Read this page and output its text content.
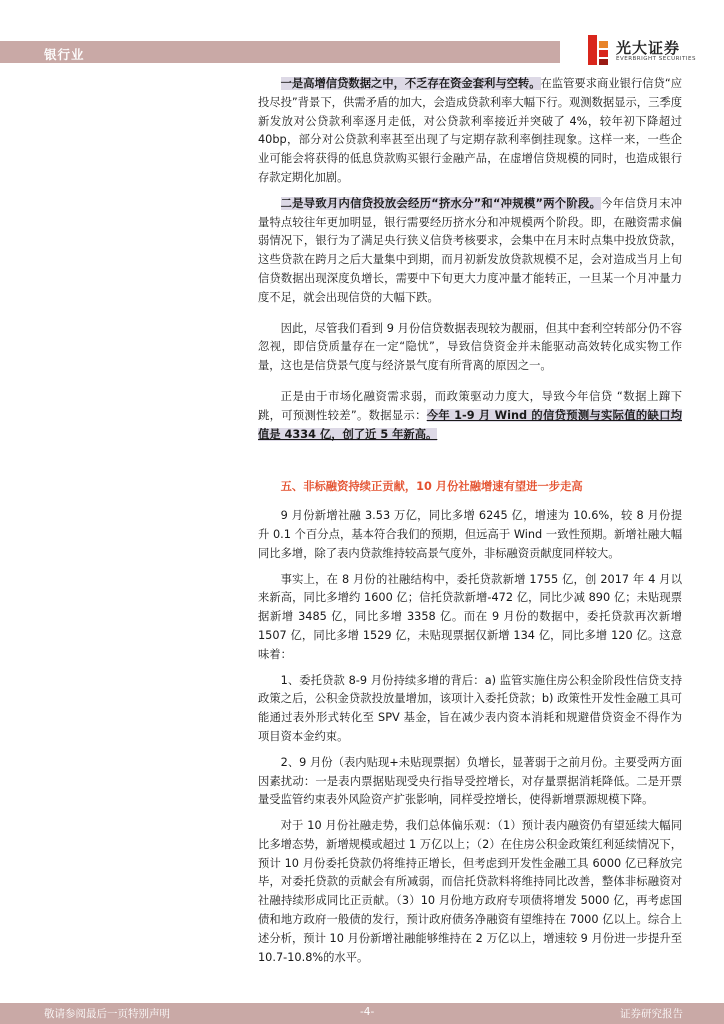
银行业	光大证券
EVERBRIGHT SECURITIES

一是高增信贷数据之中，不乏存在资金套利与空转。在监管要求商业银行信贷“应投尽投”背景下，供需矛盾的加大，会造成贷款利率大幅下行。观测数据显示，三季度新发放对公贷款利率逐月走低，对公贷款利率接近并突破了 4%，较年初下降超过 40bp，部分对公贷款利率甚至出现了与定期存款利率倒挂现象。这样一来，一些企业可能会将获得的低息贷款购买银行金融产品，在虚增信贷规模的同时，也造成银行存款定期化加剧。

二是导致月内信贷投放会经历“挤水分”和“冲规模”两个阶段。今年信贷月末冲量特点较往年更加明显，银行需要经历挤水分和冲规模两个阶段。即，在融资需求偏弱情况下，银行为了满足央行狭义信贷考核要求，会集中在月末时点集中投放贷款，这些贷款在跨月之后大量集中到期，而月初新发放贷款规模不足，会对造成当月上旬信贷数据出现深度负增长，需要中下旬更大力度冲量才能转正，一旦某一个月冲量力度不足，就会出现信贷的大幅下跌。

因此，尽管我们看到 9 月份信贷数据表现较为靓丽，但其中套利空转部分仍不容忽视，即信贷质量存在一定“隐忧”，导致信贷资金并未能驱动高效转化成实物工作量，这也是信贷景气度与经济景气度有所背离的原因之一。

正是由于市场化融资需求弱，而政策驱动力度大，导致今年信贷 “数据上蹿下跳，可预测性较差”。数据显示：今年 1-9 月 Wind 的信贷预测与实际值的缺口均值是 4334 亿，创了近 5 年新高。

五、非标融资持续正贡献，10 月份社融增速有望进一步走高

9 月份新增社融 3.53 万亿，同比多增 6245 亿，增速为 10.6%，较 8 月份提升 0.1 个百分点，基本符合我们的预期，但远高于 Wind 一致性预期。新增社融大幅同比多增，除了表内贷款维持较高景气度外，非标融资贡献度同样较大。

事实上，在 8 月份的社融结构中，委托贷款新增 1755 亿，创 2017 年 4 月以来新高，同比多增约 1600 亿；信托贷款新增-472 亿，同比少减 890 亿；未贴现票据新增 3485 亿，同比多增 3358 亿。而在 9 月份的数据中，委托贷款再次新增 1507 亿，同比多增 1529 亿，未贴现票据仅新增 134 亿，同比多增 120 亿。这意味着：

1、委托贷款 8-9 月份持续多增的背后：a) 监管实施住房公积金阶段性信贷支持政策之后，公积金贷款投放量增加，该项计入委托贷款；b) 政策性开发性金融工具可能通过表外形式转化至 SPV 基金，旨在减少表内资本消耗和规避借贷资金不得作为项目资本金约束。

2、9 月份（表内贴现+未贴现票据）负增长，显著弱于之前月份。主要受两方面因素扰动：一是表内票据贴现受央行指导受控增长，对存量票据消耗降低。二是开票量受监管约束表外风险资产扩张影响，同样受控增长，使得新增票源规模下降。

对于 10 月份社融走势，我们总体偏乐观：（1）预计表内融资仍有望延续大幅同比多增态势，新增规模或超过 1 万亿以上；（2）在住房公积金政策红利延续情况下，预计 10 月份委托贷款仍将维持正增长，但考虑到开发性金融工具 6000 亿已释放完毕，对委托贷款的贡献会有所减弱，而信托贷款料将维持同比改善，整体非标融资对社融持续形成同比正贡献。（3）10 月份地方政府专项债将增发 5000 亿，再考虑国债和地方政府一般债的发行，预计政府债务净融资有望维持在 7000 亿以上。综合上述分析，预计 10 月份新增社融能够维持在 2 万亿以上，增速较 9 月份进一步提升至 10.7-10.8%的水平。

敬请参阅最后一页特别声明	-4-	证券研究报告
